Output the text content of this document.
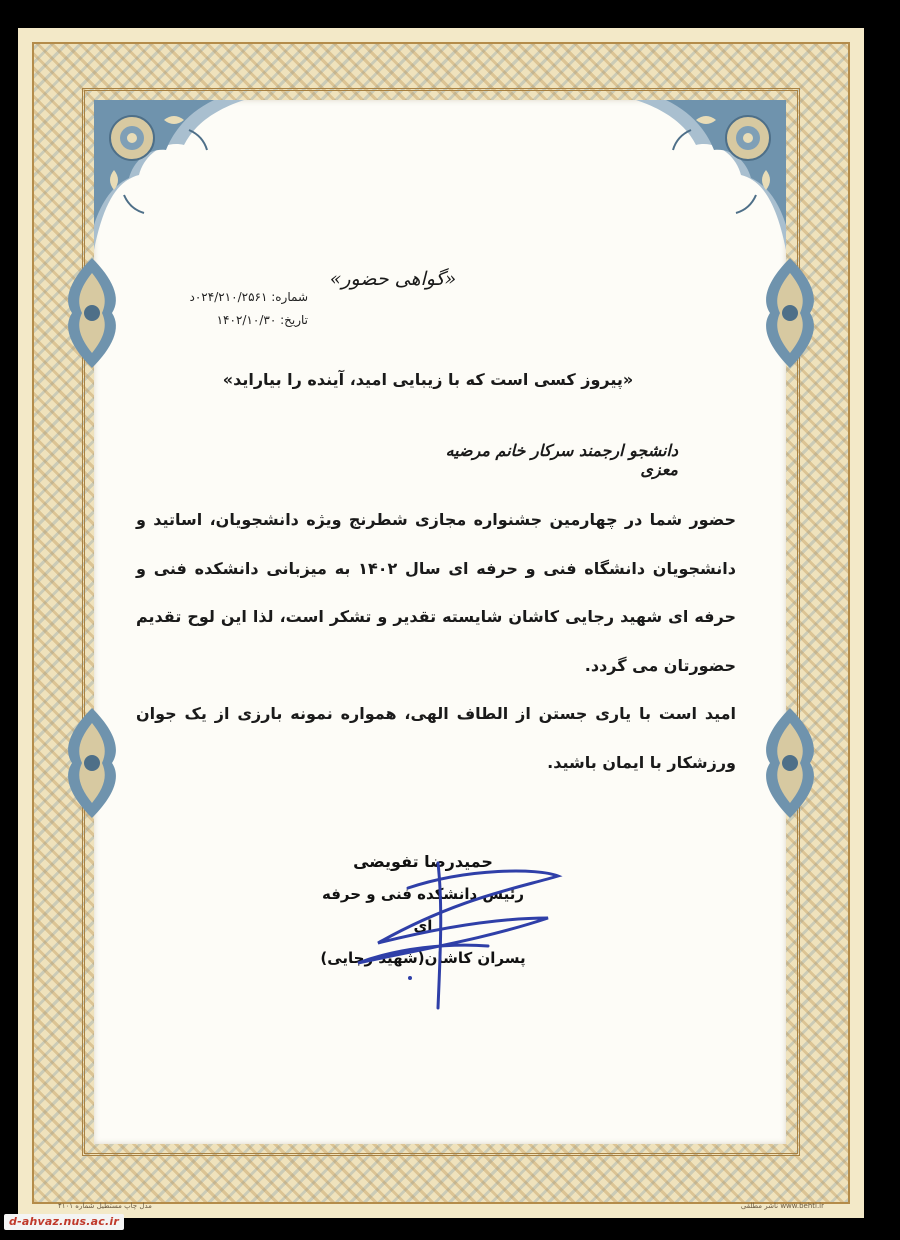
«گواهی حضور»
شماره: ۰۲۴/۲۱۰/۲۵۶۱د
تاریخ: ۱۴۰۲/۱۰/۳۰
«پیروز کسی است که با زیبایی امید، آینده را بیاراید»
دانشجو ارجمند سرکار خانم مرضیه معزی

حضور شما در چهارمین جشنواره مجازی شطرنج ویژه دانشجویان، اساتید و دانشجویان دانشگاه فنی و حرفه ای سال ۱۴۰۲ به میزبانی دانشکده فنی و حرفه ای شهید رجایی کاشان شایسته تقدیر و تشکر است، لذا این لوح تقدیم حضورتان می گردد.

امید است با یاری جستن از الطاف الهی، همواره نمونه بارزی از یک جوان ورزشکار با ایمان باشید.

حمیدرضا تفویضی
رئیس دانشکده فنی و حرفه ای
پسران کاشان(شهید رجایی)
مدل چاپ مستطیل شماره ۴۱۰۱	www.behti.ir ناشر مطلقی
d-ahvaz.nus.ac.ir
